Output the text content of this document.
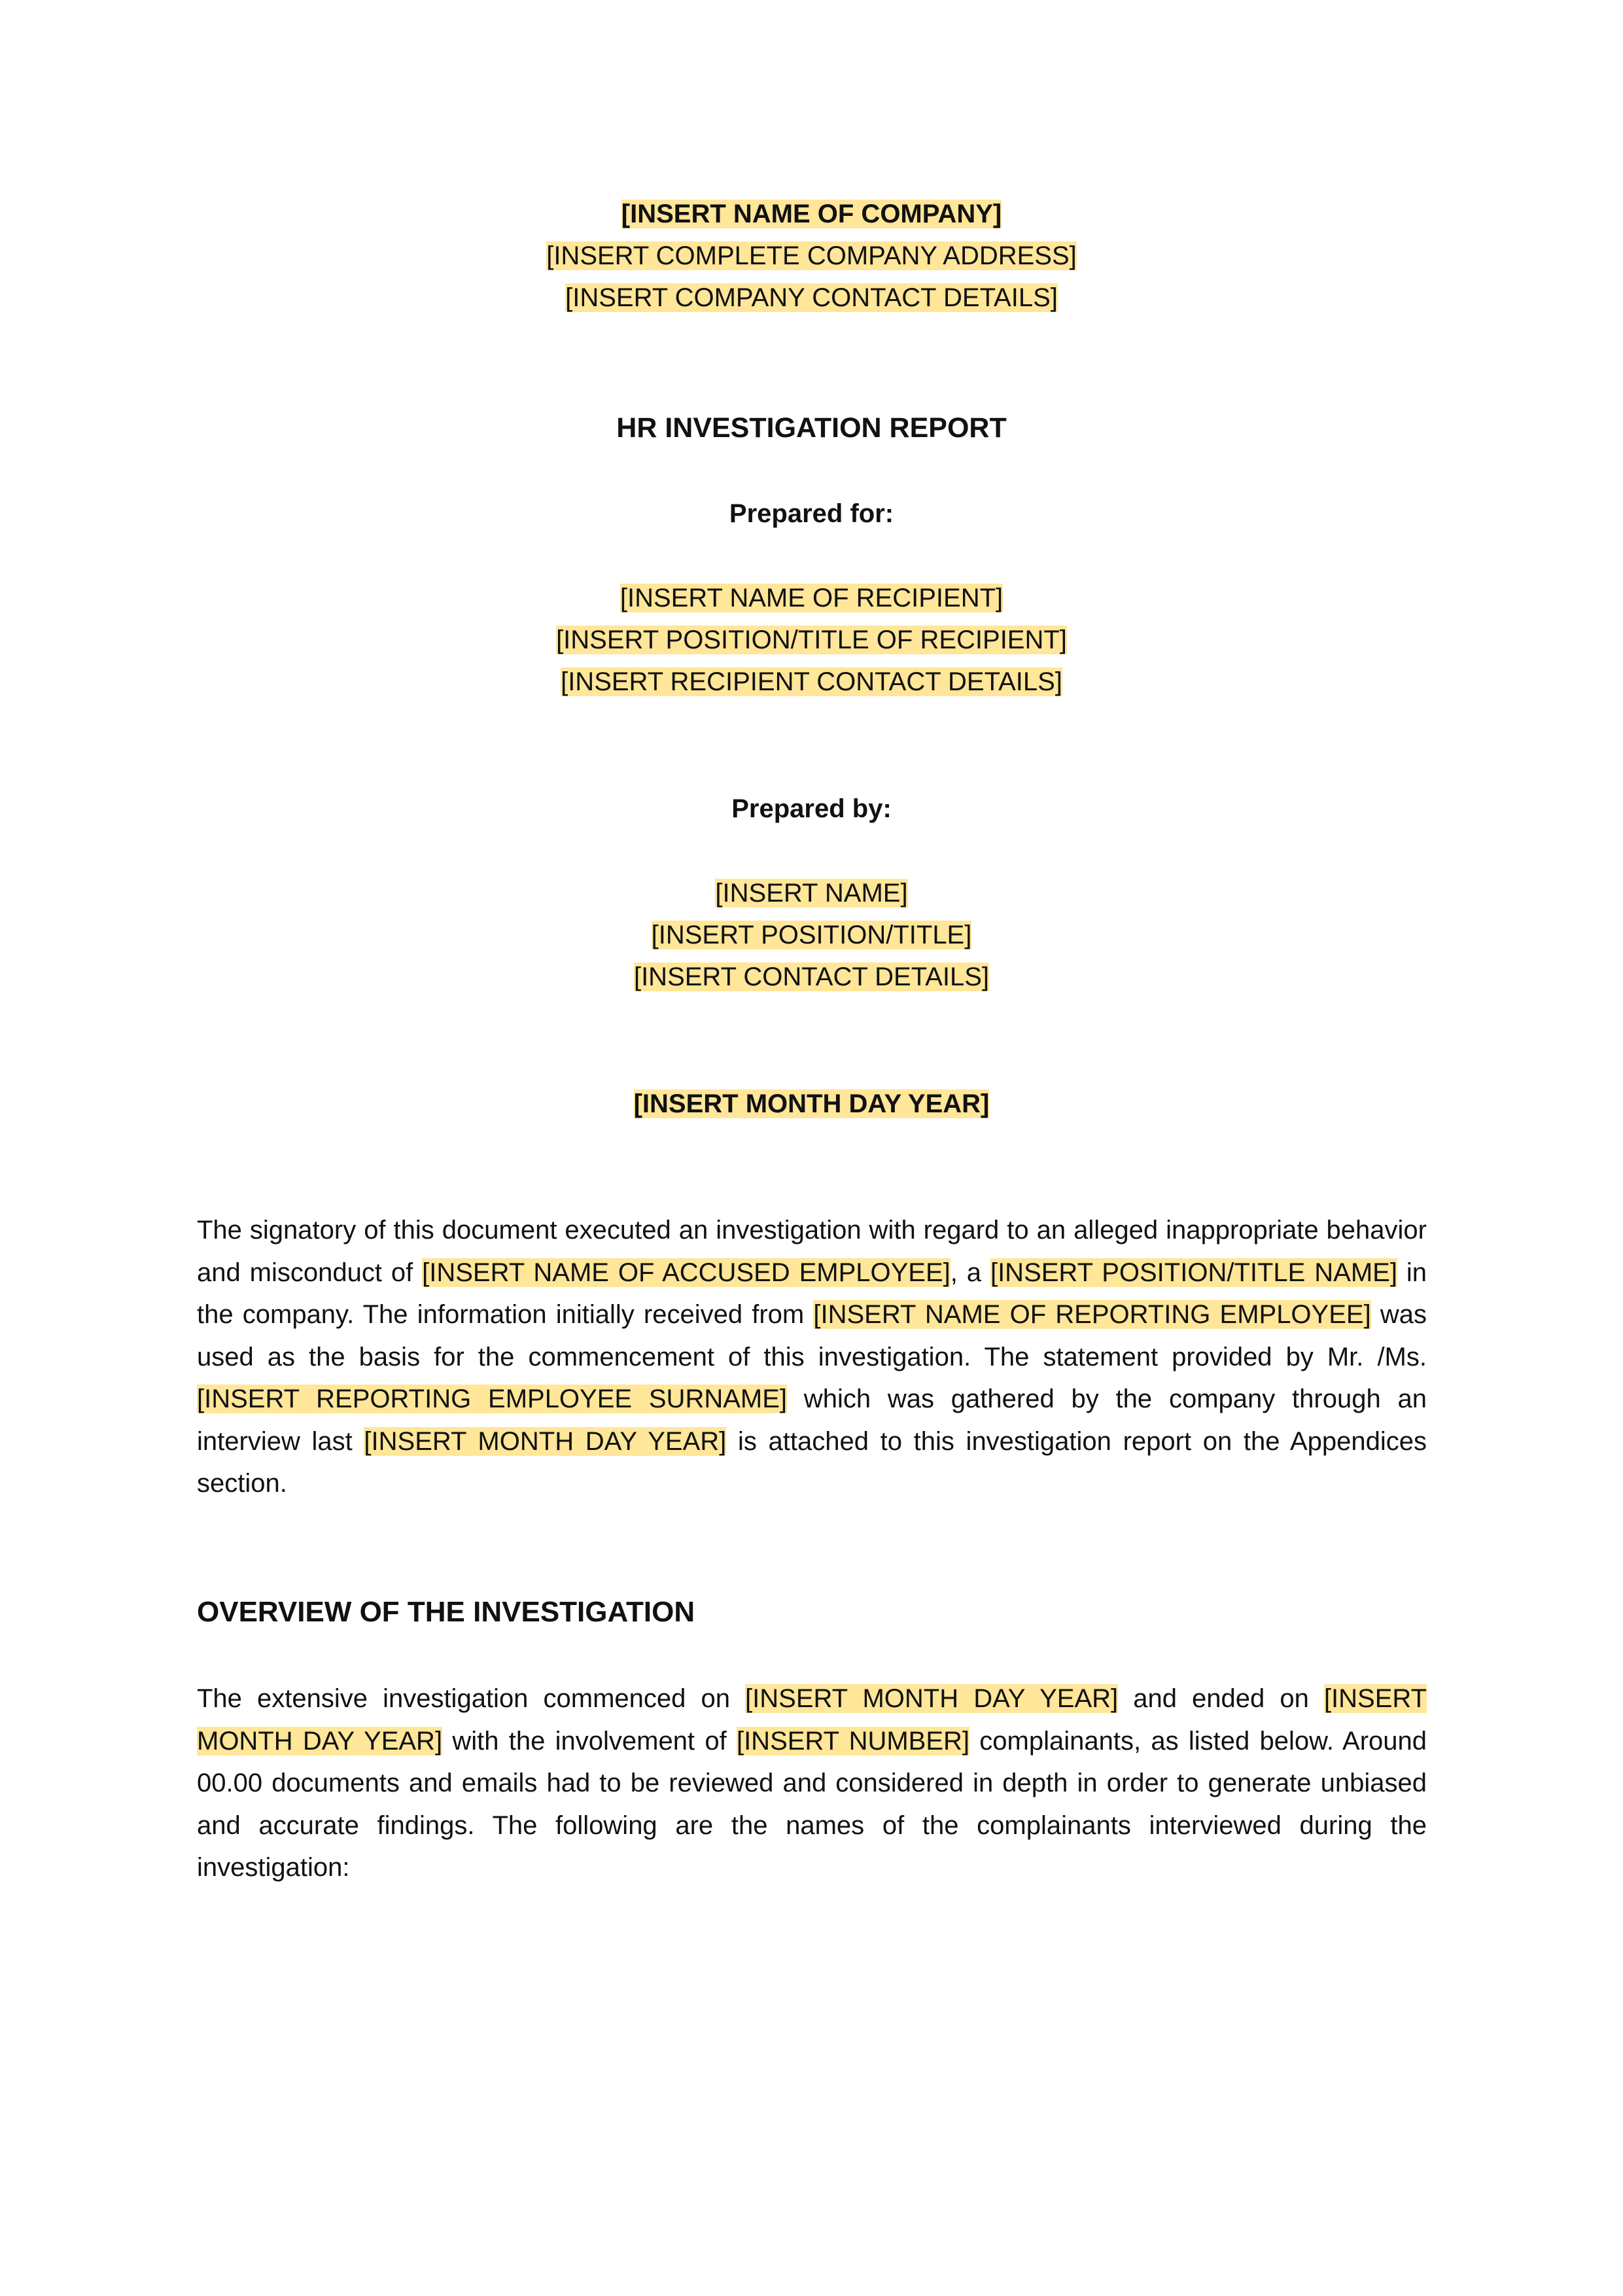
[INSERT NAME OF COMPANY]
[INSERT COMPLETE COMPANY ADDRESS]
[INSERT COMPANY CONTACT DETAILS]
HR INVESTIGATION REPORT
Prepared for:
[INSERT NAME OF RECIPIENT]
[INSERT POSITION/TITLE OF RECIPIENT]
[INSERT RECIPIENT CONTACT DETAILS]
Prepared by:
[INSERT NAME]
[INSERT POSITION/TITLE]
[INSERT CONTACT DETAILS]
[INSERT MONTH DAY YEAR]
The signatory of this document executed an investigation with regard to an alleged inappropriate behavior and misconduct of [INSERT NAME OF ACCUSED EMPLOYEE], a [INSERT POSITION/TITLE NAME] in the company. The information initially received from [INSERT NAME OF REPORTING EMPLOYEE] was used as the basis for the commencement of this investigation. The statement provided by Mr. /Ms. [INSERT REPORTING EMPLOYEE SURNAME] which was gathered by the company through an interview last [INSERT MONTH DAY YEAR] is attached to this investigation report on the Appendices section.
OVERVIEW OF THE INVESTIGATION
The extensive investigation commenced on [INSERT MONTH DAY YEAR] and ended on [INSERT MONTH DAY YEAR] with the involvement of [INSERT NUMBER] complainants, as listed below. Around 00.00 documents and emails had to be reviewed and considered in depth in order to generate unbiased and accurate findings. The following are the names of the complainants interviewed during the investigation:
